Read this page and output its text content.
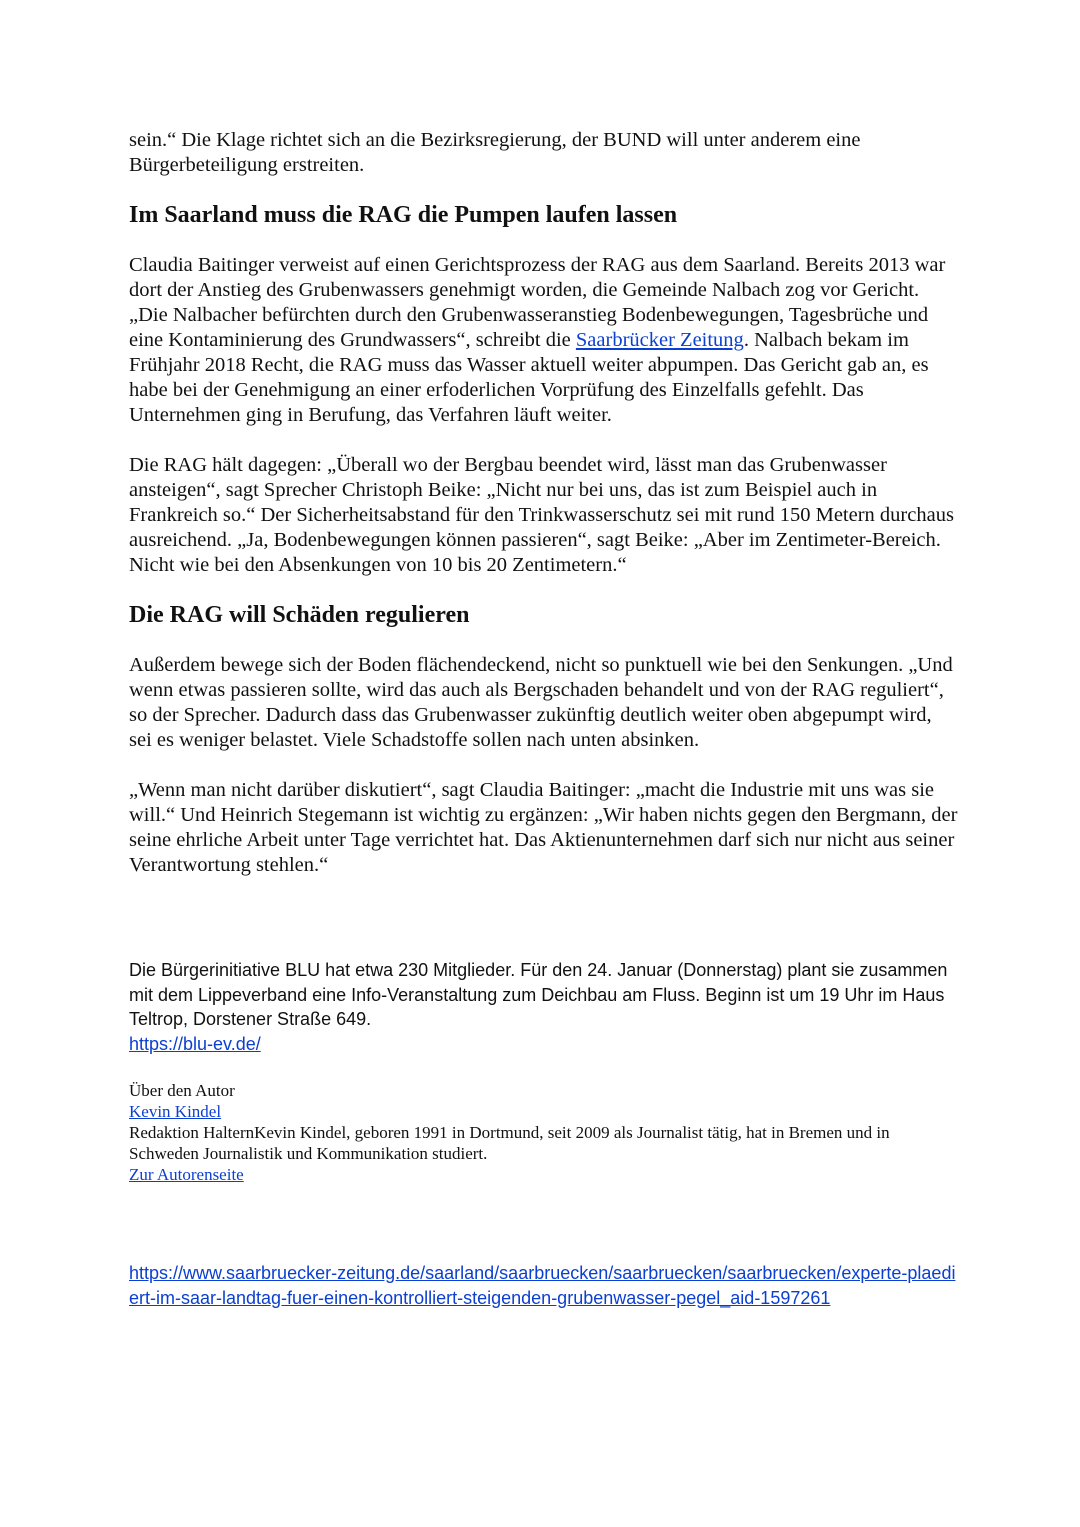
sein.“ Die Klage richtet sich an die Bezirksregierung, der BUND will unter anderem eine Bürgerbeteiligung erstreiten.

Im Saarland muss die RAG die Pumpen laufen lassen

Claudia Baitinger verweist auf einen Gerichtsprozess der RAG aus dem Saarland. Bereits 2013 war dort der Anstieg des Grubenwassers genehmigt worden, die Gemeinde Nalbach zog vor Gericht. „Die Nalbacher befürchten durch den Grubenwasseranstieg Bodenbewegungen, Tagesbrüche und eine Kontaminierung des Grundwassers“, schreibt die Saarbrücker Zeitung. Nalbach bekam im Frühjahr 2018 Recht, die RAG muss das Wasser aktuell weiter abpumpen. Das Gericht gab an, es habe bei der Genehmigung an einer erfoderlichen Vorprüfung des Einzelfalls gefehlt. Das Unternehmen ging in Berufung, das Verfahren läuft weiter.

Die RAG hält dagegen: „Überall wo der Bergbau beendet wird, lässt man das Grubenwasser ansteigen“, sagt Sprecher Christoph Beike: „Nicht nur bei uns, das ist zum Beispiel auch in Frankreich so.“ Der Sicherheitsabstand für den Trinkwasserschutz sei mit rund 150 Metern durchaus ausreichend. „Ja, Bodenbewegungen können passieren“, sagt Beike: „Aber im Zentimeter-Bereich. Nicht wie bei den Absenkungen von 10 bis 20 Zentimetern.“

Die RAG will Schäden regulieren

Außerdem bewege sich der Boden flächendeckend, nicht so punktuell wie bei den Senkungen. „Und wenn etwas passieren sollte, wird das auch als Bergschaden behandelt und von der RAG reguliert“, so der Sprecher. Dadurch dass das Grubenwasser zukünftig deutlich weiter oben abgepumpt wird, sei es weniger belastet. Viele Schadstoffe sollen nach unten absinken.

„Wenn man nicht darüber diskutiert“, sagt Claudia Baitinger: „macht die Industrie mit uns was sie will.“ Und Heinrich Stegemann ist wichtig zu ergänzen: „Wir haben nichts gegen den Bergmann, der seine ehrliche Arbeit unter Tage verrichtet hat. Das Aktienunternehmen darf sich nur nicht aus seiner Verantwortung stehlen.“

Die Bürgerinitiative BLU hat etwa 230 Mitglieder. Für den 24. Januar (Donnerstag) plant sie zusammen mit dem Lippeverband eine Info-Veranstaltung zum Deichbau am Fluss. Beginn ist um 19 Uhr im Haus Teltrop, Dorstener Straße 649.

https://blu-ev.de/

Über den Autor

Kevin Kindel

Redaktion HalternKevin Kindel, geboren 1991 in Dortmund, seit 2009 als Journalist tätig, hat in Bremen und in Schweden Journalistik und Kommunikation studiert.

Zur Autorenseite

https://www.saarbruecker-zeitung.de/saarland/saarbruecken/saarbruecken/saarbruecken/experte-plaediert-im-saar-landtag-fuer-einen-kontrolliert-steigenden-grubenwasser-pegel_aid-1597261
